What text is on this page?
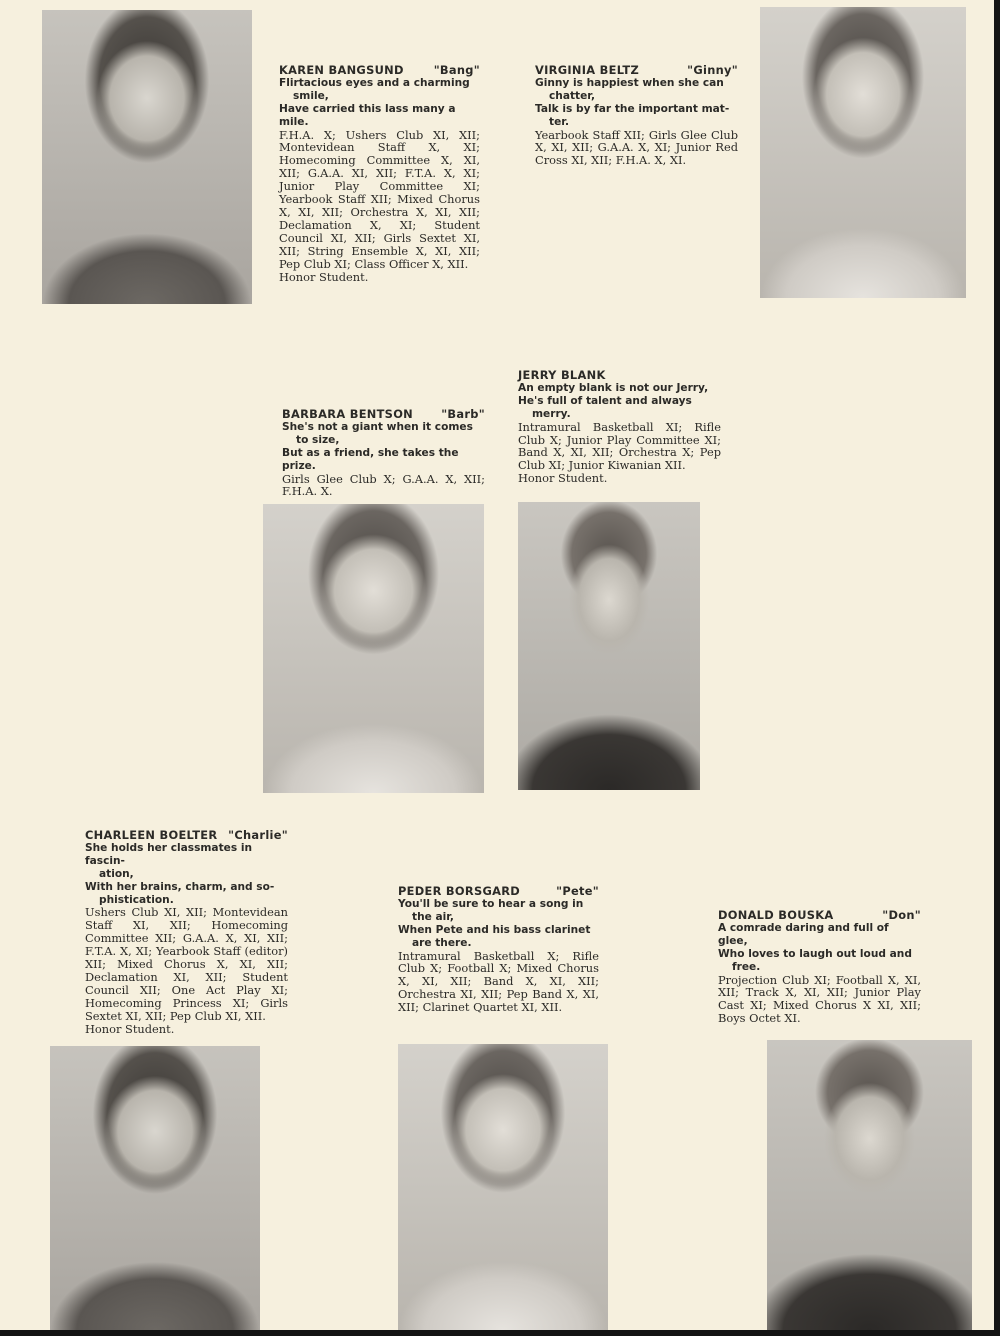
KAREN BANGSUND	"Bang"
Flirtacious eyes and a charming
smile,
Have carried this lass many a mile.
F.H.A. X; Ushers Club XI, XII; Montevidean Staff X, XI; Homecoming Committee X, XI, XII; G.A.A. XI, XII; F.T.A. X, XI; Junior Play Committee XI; Yearbook Staff XII; Mixed Chorus X, XI, XII; Orchestra X, XI, XII; Declamation X, XI; Student Council XI, XII; Girls Sextet XI, XII; String Ensemble X, XI, XII; Pep Club XI; Class Officer X, XII.
Honor Student.
VIRGINIA BELTZ	"Ginny"
Ginny is happiest when she can
chatter,
Talk is by far the important mat-
ter.
Yearbook Staff XII; Girls Glee Club X, XI, XII; G.A.A. X, XI; Junior Red Cross XI, XII; F.H.A. X, XI.
JERRY BLANK
An empty blank is not our Jerry,
He's full of talent and always
merry.
Intramural Basketball XI; Rifle Club X; Junior Play Committee XI; Band X, XI, XII; Orchestra X; Pep Club XI; Junior Kiwanian XII.
Honor Student.
BARBARA BENTSON "Barb"
She's not a giant when it comes
to size,
But as a friend, she takes the prize.
Girls Glee Club X; G.A.A. X, XII; F.H.A. X.
CHARLEEN BOELTER "Charlie"
She holds her classmates in fascin-
ation,
With her brains, charm, and so-
phistication.
Ushers Club XI, XII; Montevidean Staff XI, XII; Homecoming Committee XII; G.A.A. X, XI, XII; F.T.A. X, XI; Yearbook Staff (editor) XII; Mixed Chorus X, XI, XII; Declamation XI, XII; Student Council XII; One Act Play XI; Homecoming Princess XI; Girls Sextet XI, XII; Pep Club XI, XII.
Honor Student.
PEDER BORSGARD	"Pete"
You'll be sure to hear a song in
the air,
When Pete and his bass clarinet
are there.
Intramural Basketball X; Rifle Club X; Football X; Mixed Chorus X, XI, XII; Band X, XI, XII; Orchestra XI, XII; Pep Band X, XI, XII; Clarinet Quartet XI, XII.
DONALD BOUSKA	"Don"
A comrade daring and full of glee,
Who loves to laugh out loud and
free.
Projection Club XI; Football X, XI, XII; Track X, XI, XII; Junior Play Cast XI; Mixed Chorus X XI, XII; Boys Octet XI.
